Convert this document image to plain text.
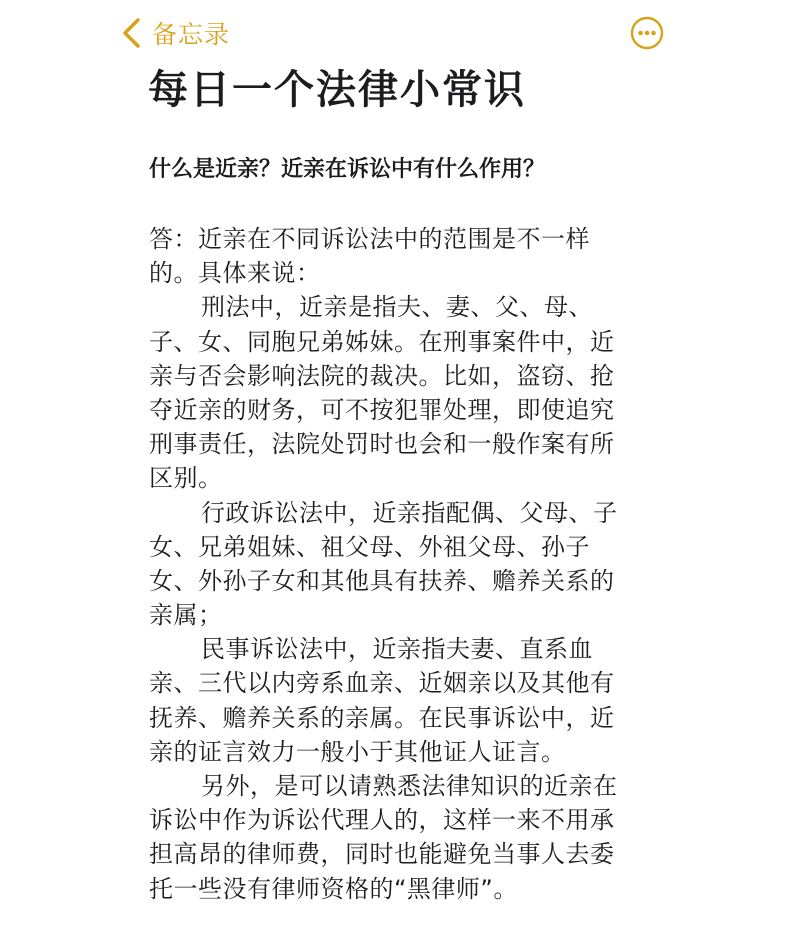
备忘录
每日一个法律小常识

什么是近亲？近亲在诉讼中有什么作用？

答：近亲在不同诉讼法中的范围是不一样
的。具体来说：
刑法中，近亲是指夫、妻、父、母、
子、女、同胞兄弟姊妹。在刑事案件中，近
亲与否会影响法院的裁决。比如，盗窃、抢
夺近亲的财务，可不按犯罪处理，即使追究
刑事责任，法院处罚时也会和一般作案有所
区别。
行政诉讼法中，近亲指配偶、父母、子
女、兄弟姐妹、祖父母、外祖父母、孙子
女、外孙子女和其他具有扶养、赡养关系的
亲属；
民事诉讼法中，近亲指夫妻、直系血
亲、三代以内旁系血亲、近姻亲以及其他有
抚养、赡养关系的亲属。在民事诉讼中，近
亲的证言效力一般小于其他证人证言。
另外，是可以请熟悉法律知识的近亲在
诉讼中作为诉讼代理人的，这样一来不用承
担高昂的律师费，同时也能避免当事人去委
托一些没有律师资格的“黑律师”。
